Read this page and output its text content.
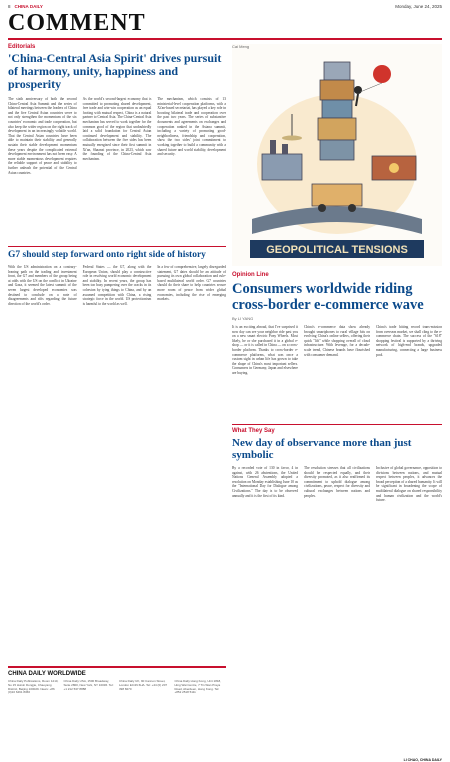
8 CHINA DAILY	Monday, June 24, 2025
COMMENT
Editorials
'China-Central Asia Spirit' drives pursuit of harmony, unity, happiness and prosperity
The sixth anniversary of both the second China-Central Asia Summit and the series of bilateral meetings between the leaders of China and the five Central Asian countries serve to not only strengthen the momentum of the six countries' economic and trade cooperation, but also keep the wider region on the right track of development in an increasingly volatile world. That the Central Asian countries have been able to maintain their stability and generally sustain their stable development momentum these years despite the complicated external development environment has not been easy. A more stable momentous development requires the reliable support of peace and stability to further unleash the potential of the Central Asian countries.
As the world's second-largest economy that is committed to promoting shared development, free trade and win-win cooperation as an equal footing with mutual respect, China is a natural partner to Central Asia. The China-Central Asia mechanism has served to work together for the common good of the region that undoubtedly laid a solid foundation for Central Asian continued development and stability. The collaboration between the five sides has been mutually energized since their first summit in Xi'an, Shaanxi province, in 2023, which saw the founding of the China-Central Asia mechanism.
The mechanism, which consists of 13 ministerial-level cooperation platforms, with a Xi'an-based secretariat, has played a key role in boosting bilateral trade and cooperation over the past two years. The series of substantive documents and agreements on exchanges and cooperation ranked in the Astana summit, including a variety of promoting good-neighborliness, friendship and cooperation, show the two sides' joint commitment to working together to build a community with a shared future and world stability, development and security.
GEOPOLITICAL TENSIONS
Cai Meng
Opinion Line
Consumers worldwide riding cross-border e-commerce wave
By LI YANG
It is an exciting abroad, that I've surprised it now day can see your neighbor ride past you on a new smart electric Pony Wheels. Most likely, he or she purchased it in a global e-shop — or it is called in China — on a cross-border platform. Thanks to cross-border e-commerce platforms, what was once a custom sight in urban life has grown to take the shape of China's most important sellers. Consumers in Germany, Japan and elsewhere are buying.
China's e-commerce data show already brought smartphones to rural village hits on evolving China's online sellers, offering their quick "lift" while shopping overall of cloud infrastructure. With leverage, for a decade-scale trend, Chinese brands have flourished with consumer demand.
China's trade hitting record trans-mission from overseas market, we shall cling to the e-commerce chain. The success of the "618" shopping festival is supported by a thriving network of high-end brands, upgraded manufacturing, connecting a large business pool.
G7 should step forward onto right side of history
With the US administration on a contrary-leaning path on the trading and investment front, the G7 and members of the group being at odds with the US on the conflict in Ukraine and Gaza, it seemed the latest summit of the seven largest developed economies was destined to conclude on a note of disagreements and rifts regarding the future direction of the world's order.
Federal States — the G7, along with the European Union, should play a constructive role in resolving world economic development and stability. In recent years, the group has been too busy pampering over the cracks in its cohesion by tying things to China, and by an assumed competition with China, a rising strategic force in the world. US protectionism is harmful to the world as well.
In a few of comprehensive, largely disregarded statement, G7 dates should be an attitude of pursuing its own global collaboration and rule-based multilateral world order. G7 countries should do their share to help countries secure more room of peace from wider global economies, including the rise of emerging markets.
What They Say
New day of observance more than just symbolic
By a recorded vote of 130 in favor, 4 in against, with 26 abstentions, the United Nations General Assembly adopted a resolution on Monday establishing June 10 as the "International Day for Dialogue among Civilizations." The day is to be observed annually and it is the first of its kind.
The resolution stresses that all civilizations should be respected equally, and their diversity promoted, as it also reaffirmed its commitment to uphold dialogue among civilizations, peace, respect for diversity and cultural exchanges between nations and peoples.
Inclusive of global governance, opposition to divisions between nations, and mutual respect between peoples, it advances the broad perception of a shared humanity. It will be significant in broadening the scope of multilateral dialogue on shared responsibility and human civilization and the world's future.
LI CHAO, CHINA DAILY
CHINA DAILY WORLDWIDE
China Daily Publications, Room 1210, No 15 Huixin Dongjie, Chaoyang District, Beijing 100029. News: +86 (0)10 6491 8366
China Daily USA, 1500 Broadway, Suite 2800, New York, NY 10036. Tel: +1 212 537 8888
China Daily UK, 90 Cannon Street, London EC4N 6HA. Tel: +44 (0) 207 398 8270
China Daily Hong Kong, Unit 1818, Hing Wai Centre, 7 Tin Wan Praya Road, Aberdeen, Hong Kong. Tel: +852 2518 5111
